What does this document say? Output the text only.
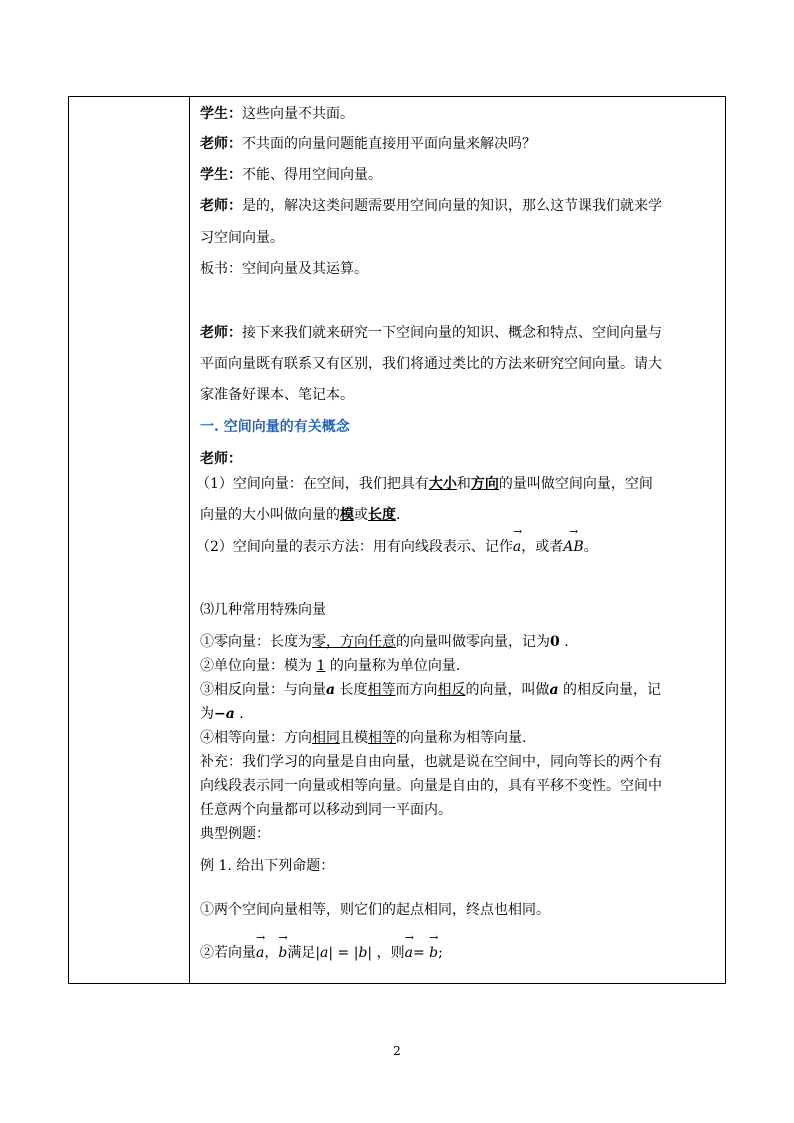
学生：这些向量不共面。
老师：不共面的向量问题能直接用平面向量来解决吗？
学生：不能、得用空间向量。
老师：是的，解决这类问题需要用空间向量的知识，那么这节课我们就来学
习空间向量。
板书：空间向量及其运算。
老师：接下来我们就来研究一下空间向量的知识、概念和特点、空间向量与
平面向量既有联系又有区别，我们将通过类比的方法来研究空间向量。请大
家准备好课本、笔记本。
一. 空间向量的有关概念
老师：
（1）空间向量：在空间，我们把具有大小和方向的量叫做空间向量，空间
向量的大小叫做向量的模或长度.
（2）空间向量的表示方法：用有向线段表示、记作→ a，或者→ AB。
⑶几种常用特殊向量
①零向量：长度为零，方向任意的向量叫做零向量，记为0 .
②单位向量：模为 1 的向量称为单位向量.
③相反向量：与向量a 长度相等而方向相反的向量，叫做a 的相反向量，记
为−a .
④相等向量：方向相同且模相等的向量称为相等向量.
补充：我们学习的向量是自由向量，也就是说在空间中，同向等长的两个有
向线段表示同一向量或相等向量。向量是自由的，具有平移不变性。空间中
任意两个向量都可以移动到同一平面内。
典型例题：
例 1. 给出下列命题：
①两个空间向量相等，则它们的起点相同，终点也相同。
②若向量→ a，→ b满足|a| = |b| ，则→ a= → b;
2
